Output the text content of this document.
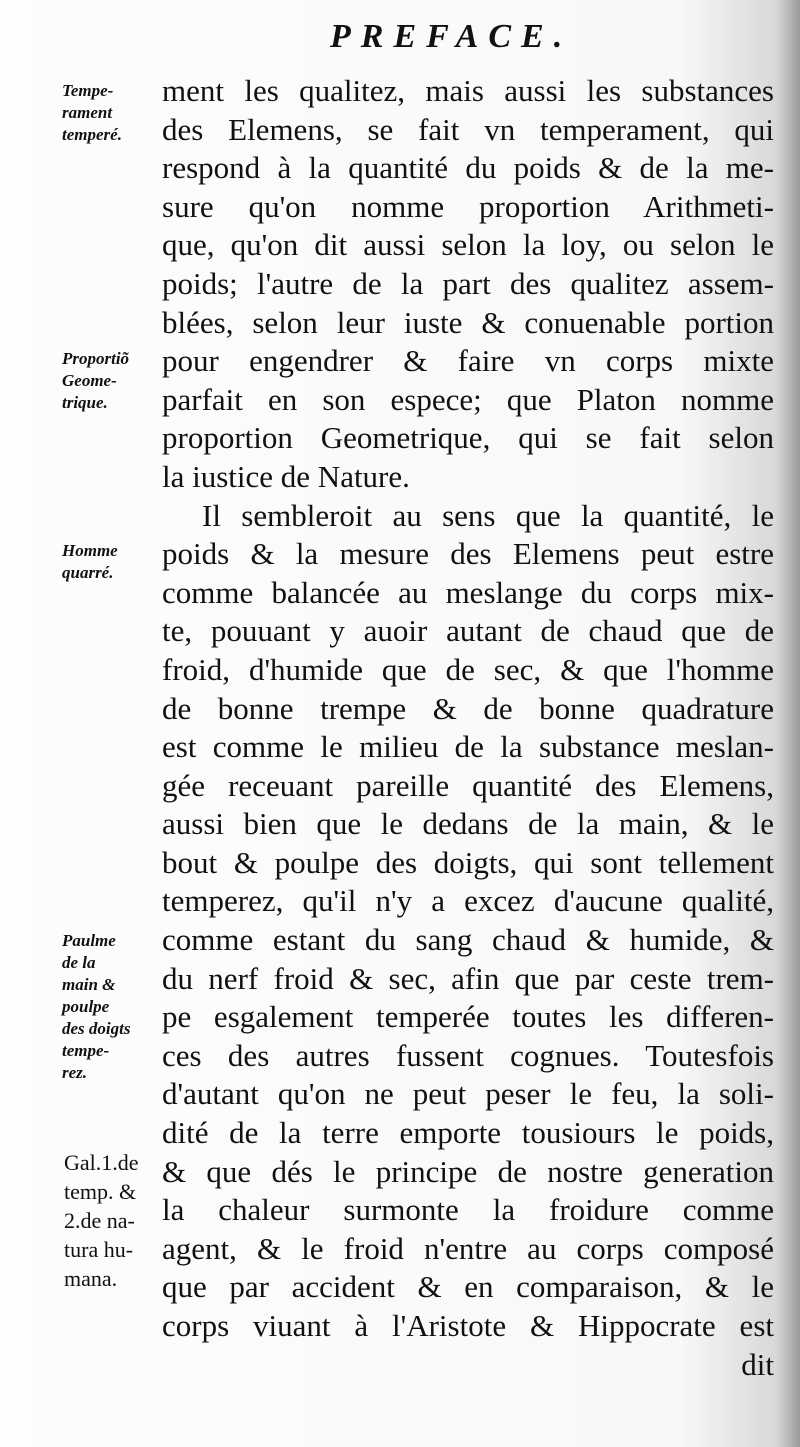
PREFACE.
Tempe-
rament
temperé.
Proportiõ
Geome-
trique.
Homme
quarré.
Paulme
de la
main &
poulpe
des doigts
tempe-
rez.
Gal.1.de
temp. &
2.de na-
tura hu-
mana.
ment les qualitez, mais aussi les substances
des Elemens, se fait vn temperament, qui
respond à la quantité du poids & de la me-
sure qu'on nomme proportion Arithmeti-
que, qu'on dit aussi selon la loy, ou selon le
poids; l'autre de la part des qualitez assem-
blées, selon leur iuste & conuenable portion
pour engendrer & faire vn corps mixte
parfait en son espece; que Platon nomme
proportion Geometrique, qui se fait selon
la iustice de Nature.
Il sembleroit au sens que la quantité, le
poids & la mesure des Elemens peut estre
comme balancée au meslange du corps mix-
te, pouuant y auoir autant de chaud que de
froid, d'humide que de sec, & que l'homme
de bonne trempe & de bonne quadrature
est comme le milieu de la substance meslan-
gée receuant pareille quantité des Elemens,
aussi bien que le dedans de la main, & le
bout & poulpe des doigts, qui sont tellement
temperez, qu'il n'y a excez d'aucune qualité,
comme estant du sang chaud & humide, &
du nerf froid & sec, afin que par ceste trem-
pe esgalement temperée toutes les differen-
ces des autres fussent cognues. Toutesfois
d'autant qu'on ne peut peser le feu, la soli-
dité de la terre emporte tousiours le poids,
& que dés le principe de nostre generation
la chaleur surmonte la froidure comme
agent, & le froid n'entre au corps composé
que par accident & en comparaison, & le
corps viuant à l'Aristote & Hippocrate est
dit
